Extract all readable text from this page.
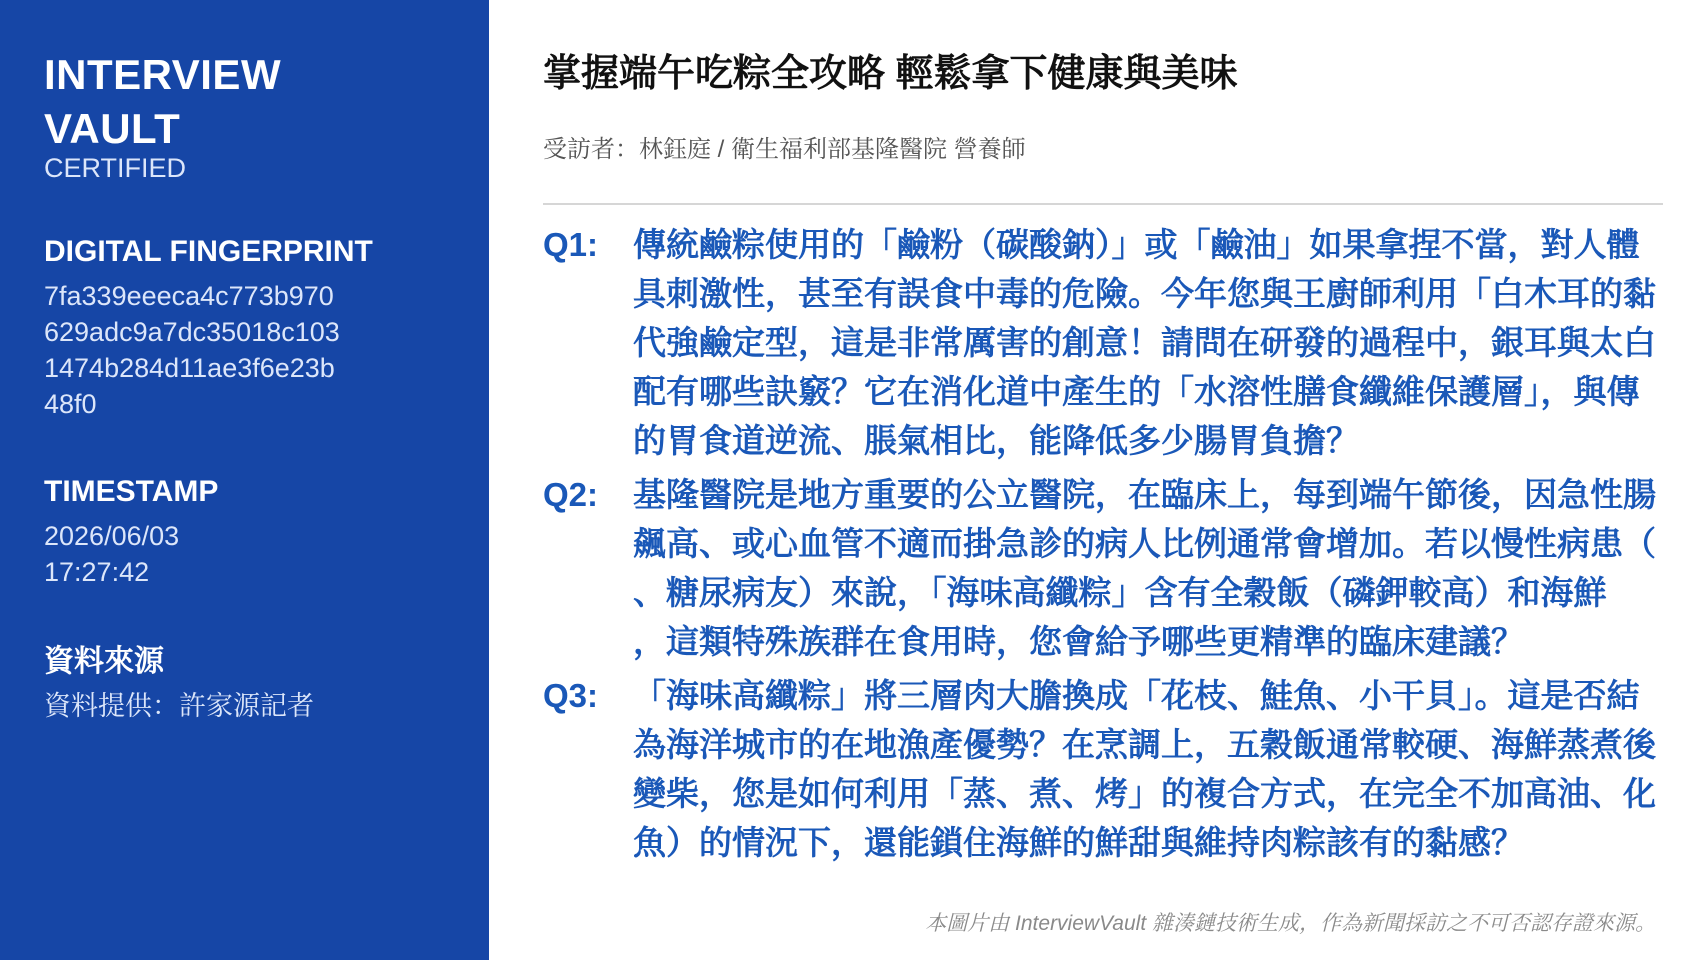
INTERVIEW
VAULT
CERTIFIED
DIGITAL FINGERPRINT
7fa339eeeca4c773b970
629adc9a7dc35018c103
1474b284d11ae3f6e23b
48f0
TIMESTAMP
2026/06/03
17:27:42
資料來源
資料提供：許家源記者
掌握端午吃粽全攻略 輕鬆拿下健康與美味
受訪者：林鈺庭 / 衛生福利部基隆醫院 營養師
Q1: 傳統鹼粽使用的「鹼粉（碳酸鈉）」或「鹼油」如果拿捏不當，對人體
具刺激性，甚至有誤食中毒的危險。今年您與王廚師利用「白木耳的黏
代強鹼定型，這是非常厲害的創意！請問在研發的過程中，銀耳與太白
配有哪些訣竅？它在消化道中產生的「水溶性膳食纖維保護層」，與傳
的胃食道逆流、脹氣相比，能降低多少腸胃負擔？
Q2: 基隆醫院是地方重要的公立醫院，在臨床上，每到端午節後，因急性腸
飆高、或心血管不適而掛急診的病人比例通常會增加。若以慢性病患（
、糖尿病友）來說，「海味高纖粽」含有全穀飯（磷鉀較高）和海鮮
，這類特殊族群在食用時，您會給予哪些更精準的臨床建議？
Q3: 「海味高纖粽」將三層肉大膽換成「花枝、鮭魚、小干貝」。這是否結
為海洋城市的在地漁產優勢？在烹調上，五穀飯通常較硬、海鮮蒸煮後
變柴，您是如何利用「蒸、煮、烤」的複合方式，在完全不加高油、化
魚）的情況下，還能鎖住海鮮的鮮甜與維持肉粽該有的黏感？
本圖片由 InterviewVault 雜湊鏈技術生成，作為新聞採訪之不可否認存證來源。
